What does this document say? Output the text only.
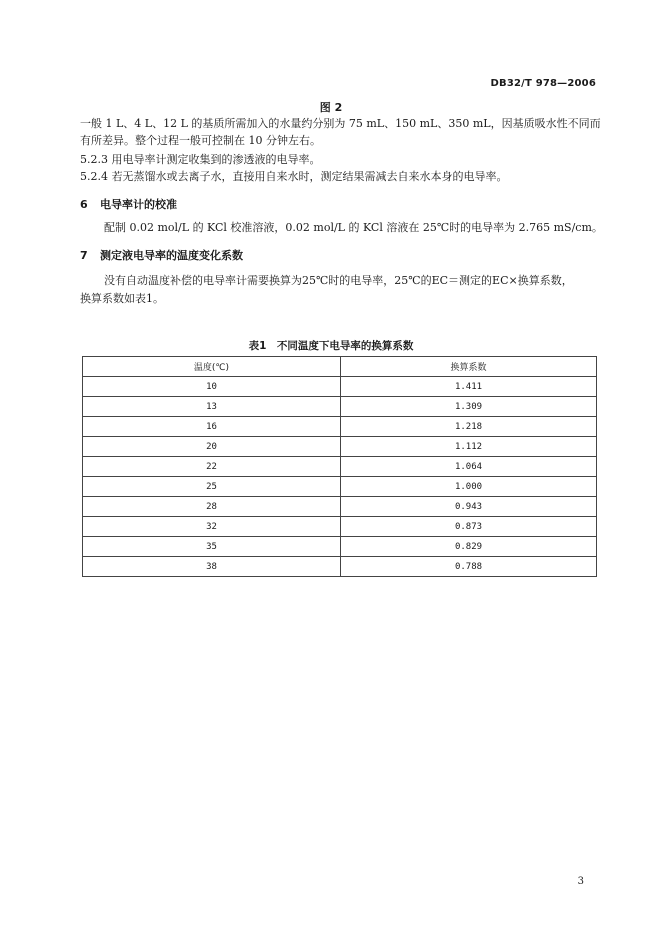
DB32/T 978—2006
图 2
一般 1 L、4 L、12 L 的基质所需加入的水量约分别为 75 mL、150 mL、350 mL，因基质吸水性不同而
有所差异。整个过程一般可控制在 10 分钟左右。
5.2.3 用电导率计测定收集到的渗透液的电导率。
5.2.4 若无蒸馏水或去离子水，直接用自来水时，测定结果需减去自来水本身的电导率。
6 电导率计的校准
配制 0.02 mol/L 的 KCl 校准溶液，0.02 mol/L 的 KCl 溶液在 25℃时的电导率为 2.765 mS/cm。
7 测定液电导率的温度变化系数
没有自动温度补偿的电导率计需要换算为25℃时的电导率，25℃的EC＝测定的EC×换算系数，
换算系数如表1。
表1　不同温度下电导率的换算系数
温度(℃)	换算系数
10	1.411
13	1.309
16	1.218
20	1.112
22	1.064
25	1.000
28	0.943
32	0.873
35	0.829
38	0.788
3
